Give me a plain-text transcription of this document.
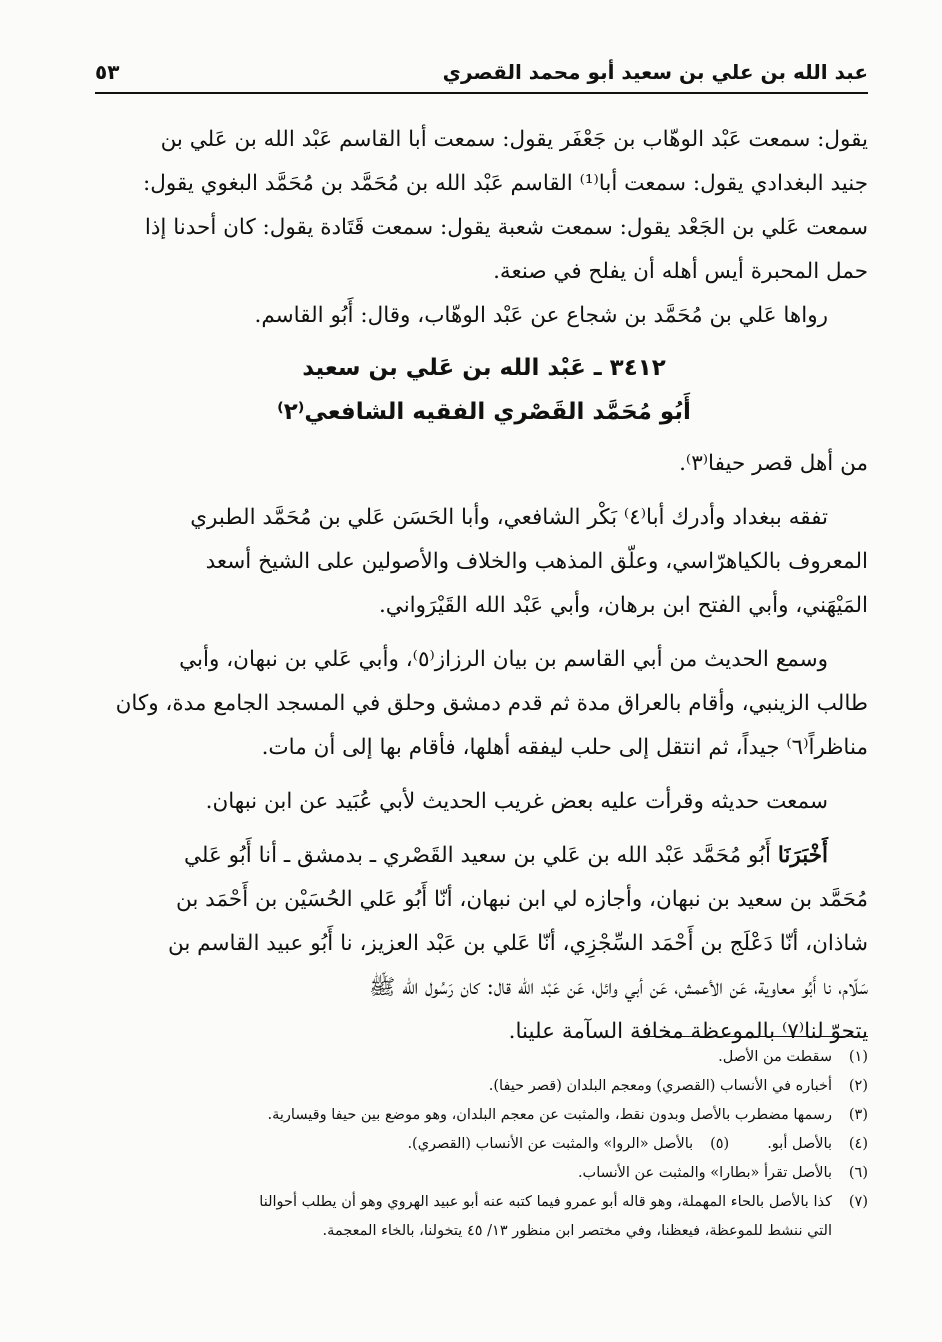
عبد الله بن علي بن سعيد أبو محمد القصري
٥٣
يقول: سمعت عَبْد الوهّاب بن جَعْفَر يقول: سمعت أبا القاسم عَبْد الله بن عَلي بن
جنيد البغدادي يقول: سمعت أبا⁽¹⁾ القاسم عَبْد الله بن مُحَمَّد بن مُحَمَّد البغوي يقول:
سمعت عَلي بن الجَعْد يقول: سمعت شعبة يقول: سمعت قَتَادة يقول: كان أحدنا إذا
حمل المحبرة أيس أهله أن يفلح في صنعة.
رواها عَلي بن مُحَمَّد بن شجاع عن عَبْد الوهّاب، وقال: أَبُو القاسم.
٣٤١٢ ـ عَبْد الله بن عَلي بن سعيد
أَبُو مُحَمَّد القَصْري الفقيه الشافعي⁽٢⁾
من أهل قصر حيفا⁽٣⁾.
تفقه ببغداد وأدرك أبا⁽٤⁾ بَكْر الشافعي، وأبا الحَسَن عَلي بن مُحَمَّد الطبري
المعروف بالكياهرّاسي، وعلّق المذهب والخلاف والأصولين على الشيخ أسعد
المَيْهَني، وأبي الفتح ابن برهان، وأبي عَبْد الله القَيْرَواني.
وسمع الحديث من أبي القاسم بن بيان الرزاز⁽٥⁾، وأبي عَلي بن نبهان، وأبي
طالب الزينبي، وأقام بالعراق مدة ثم قدم دمشق وحلق في المسجد الجامع مدة، وكان
مناظراً⁽٦⁾ جيداً، ثم انتقل إلى حلب ليفقه أهلها، فأقام بها إلى أن مات.
سمعت حديثه وقرأت عليه بعض غريب الحديث لأبي عُبَيد عن ابن نبهان.
أَخْبَرَنَا أَبُو مُحَمَّد عَبْد الله بن عَلي بن سعيد القَصْري ـ بدمشق ـ أنا أَبُو عَلي
مُحَمَّد بن سعيد بن نبهان، وأجازه لي ابن نبهان، أنّا أَبُو عَلي الحُسَيْن بن أَحْمَد بن
شاذان، أنّا دَعْلَج بن أَحْمَد السِّجْزِي، أنّا عَلي بن عَبْد العزيز، نا أَبُو عبيد القاسم بن
سَلّام، نا أَبُو معاوية، عَن الأعمش، عَن أبي وائل، عَن عَبْد الله قال: كان رَسُول الله ﷺ
يتحوّ لنا⁽٧⁾ بالموعظة مخافة السآمة علينا.
(١)
سقطت من الأصل.
(٢)
أخباره في الأنساب (القصري) ومعجم البلدان (قصر حيفا).
(٣)
رسمها مضطرب بالأصل وبدون نقط، والمثبت عن معجم البلدان، وهو موضع بين حيفا وقيسارية.
(٤)
بالأصل أبو.
(٥)
بالأصل «الروا» والمثبت عن الأنساب (القصري).
(٦)
بالأصل تقرأ «بطارا» والمثبت عن الأنساب.
(٧)
كذا بالأصل بالحاء المهملة، وهو قاله أبو عمرو فيما كتبه عنه أبو عبيد الهروي وهو أن يطلب أحوالنا
التي ننشط للموعظة، فيعظنا، وفي مختصر ابن منظور ١٣/ ٤٥ يتخولنا، بالخاء المعجمة.
